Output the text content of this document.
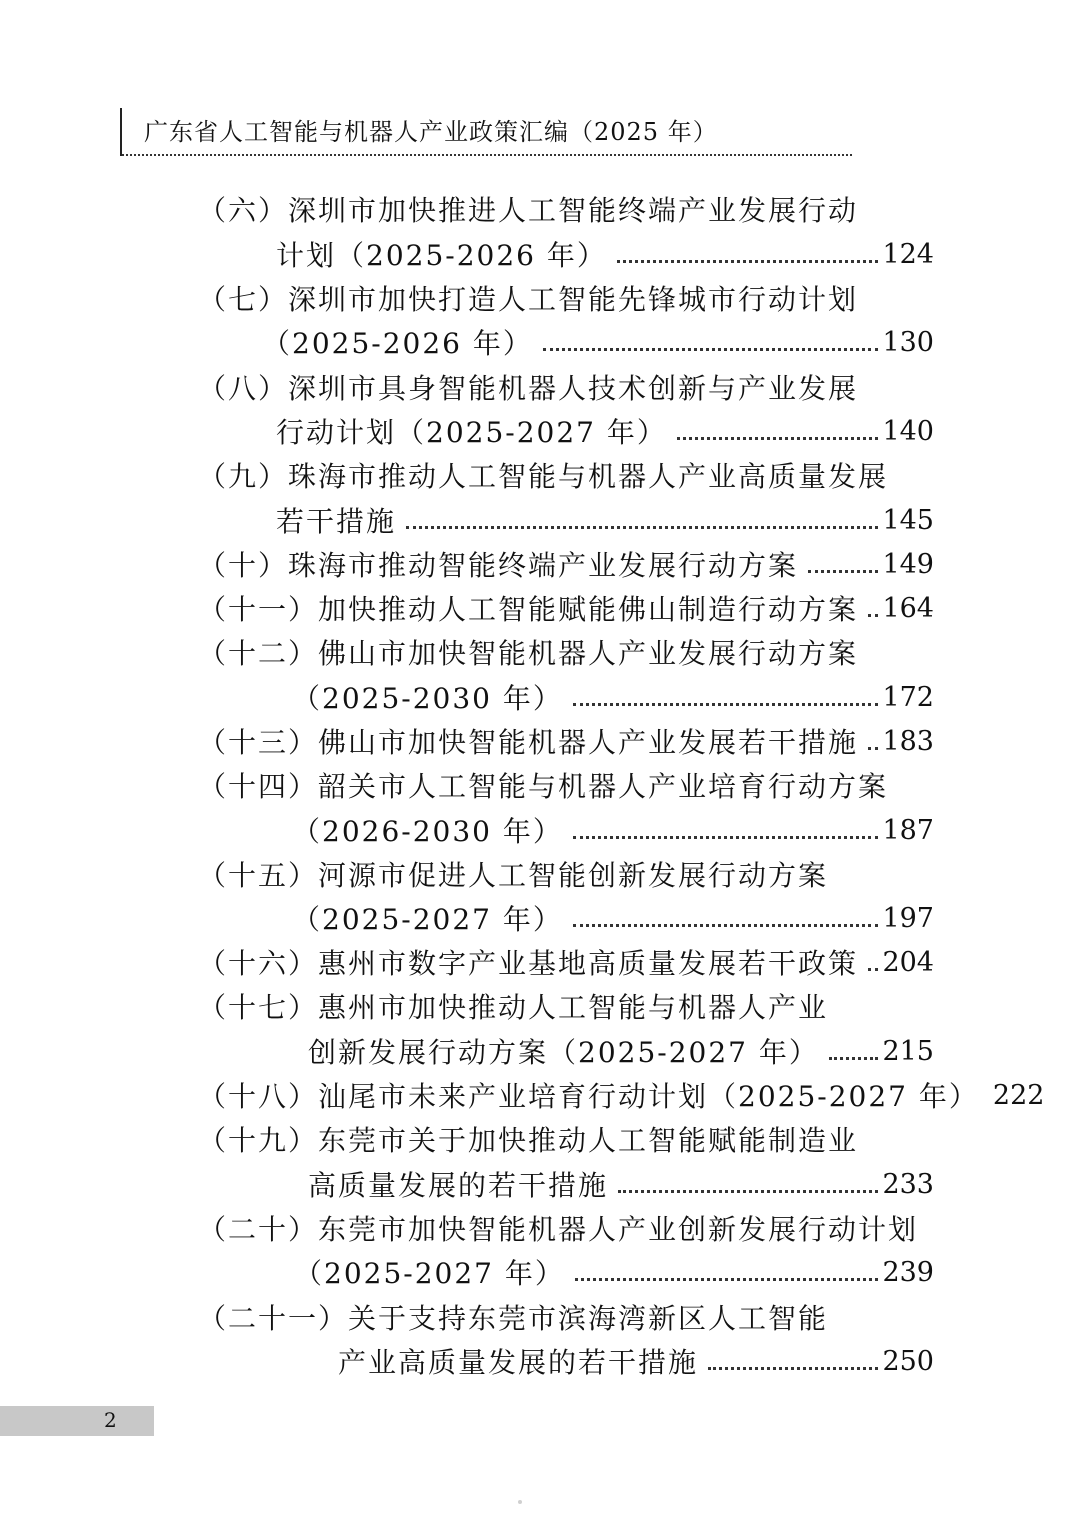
广东省人工智能与机器人产业政策汇编（2025 年）
（六） 深圳市加快推进人工智能终端产业发展行动
计划（2025-2026 年）	124
（七） 深圳市加快打造人工智能先锋城市行动计划
（2025-2026 年）	130
（八） 深圳市具身智能机器人技术创新与产业发展
行动计划（2025-2027 年）	140
（九） 珠海市推动人工智能与机器人产业高质量发展
若干措施	145
（十） 珠海市推动智能终端产业发展行动方案	149
（十一） 加快推动人工智能赋能佛山制造行动方案 164
（十二） 佛山市加快智能机器人产业发展行动方案
（2025-2030 年）	172
（十三） 佛山市加快智能机器人产业发展若干措施 183
（十四） 韶关市人工智能与机器人产业培育行动方案
（2026-2030 年）	187
（十五） 河源市促进人工智能创新发展行动方案
（2025-2027 年）	197
（十六） 惠州市数字产业基地高质量发展若干政策 204
（十七） 惠州市加快推动人工智能与机器人产业
创新发展行动方案（2025-2027 年） 215
（十八） 汕尾市未来产业培育行动计划（2025-2027 年） 222
（十九） 东莞市关于加快推动人工智能赋能制造业
高质量发展的若干措施	233
（二十） 东莞市加快智能机器人产业创新发展行动计划
（2025-2027 年）	239
（二十一） 关于支持东莞市滨海湾新区人工智能
产业高质量发展的若干措施	250
2
